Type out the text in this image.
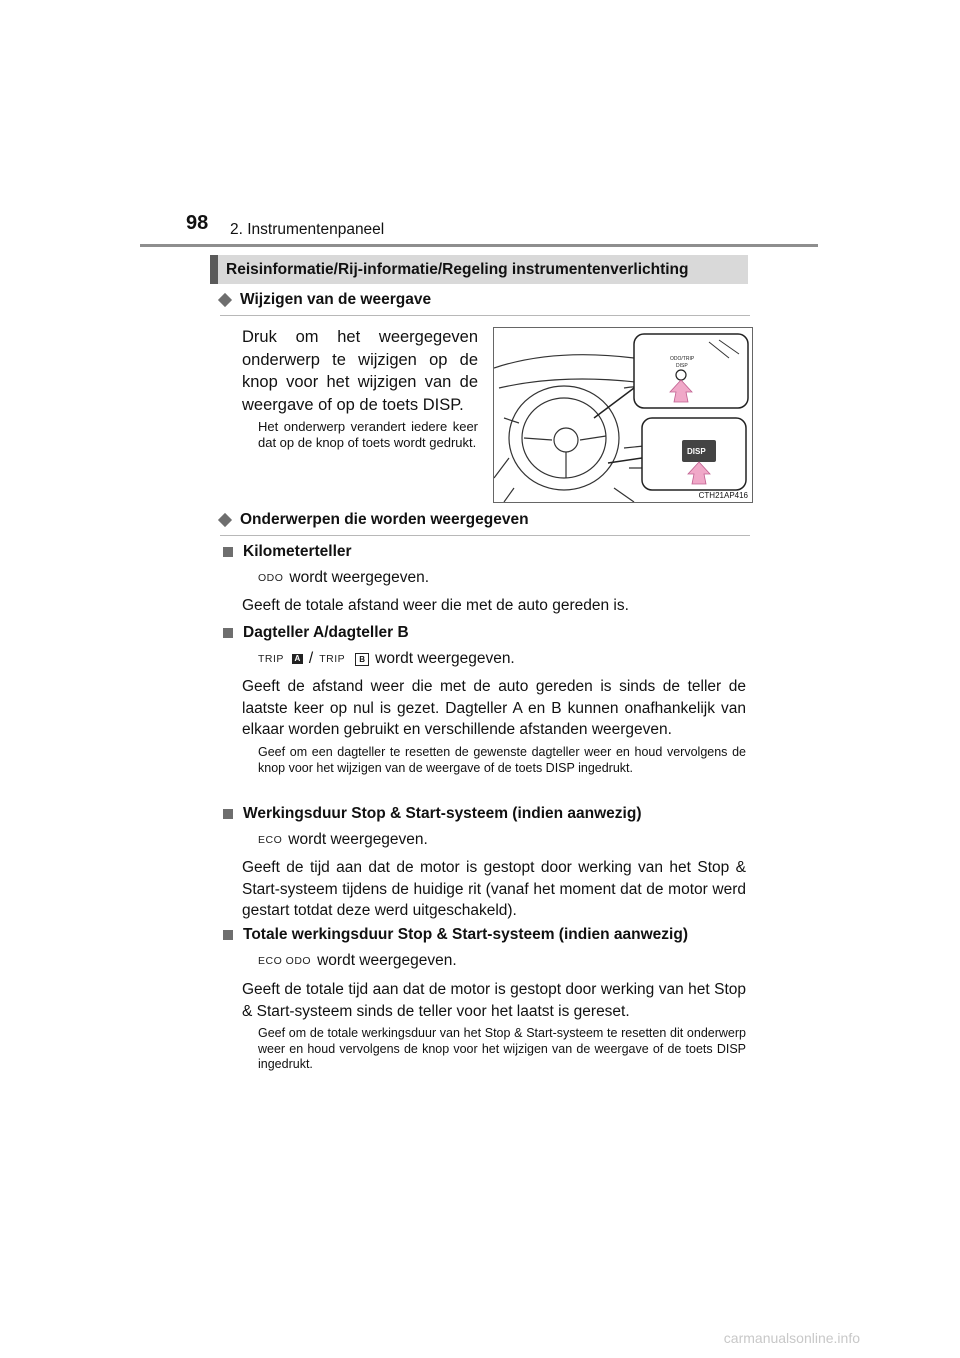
98 2. Instrumentenpaneel
Reisinformatie/Rij-informatie/Regeling instrumentenverlichting
Wijzigen van de weergave
Druk om het weergegeven onderwerp te wijzigen op de knop voor het wijzigen van de weergave of op de toets DISP.
Het onderwerp verandert iedere keer dat op de knop of toets wordt gedrukt.
ODO/TRIP
DISP
DISP
CTH21AP416
Onderwerpen die worden weergegeven
Kilometerteller
ODO wordt weergegeven.
Geeft de totale afstand weer die met de auto gereden is.
Dagteller A/dagteller B
TRIP	A / TRIP	B wordt weergegeven.
Geeft de afstand weer die met de auto gereden is sinds de teller de laatste keer op nul is gezet. Dagteller A en B kunnen onafhankelijk van elkaar worden gebruikt en verschillende afstanden weergeven.
Geef om een dagteller te resetten de gewenste dagteller weer en houd vervolgens de knop voor het wijzigen van de weergave of de toets DISP ingedrukt.
Werkingsduur Stop & Start-systeem (indien aanwezig)
ECO wordt weergegeven.
Geeft de tijd aan dat de motor is gestopt door werking van het Stop & Start-systeem tijdens de huidige rit (vanaf het moment dat de motor werd gestart totdat deze werd uitgeschakeld).
Totale werkingsduur Stop & Start-systeem (indien aanwezig)
ECO ODO wordt weergegeven.
Geeft de totale tijd aan dat de motor is gestopt door werking van het Stop & Start-systeem sinds de teller voor het laatst is gereset.
Geef om de totale werkingsduur van het Stop & Start-systeem te resetten dit onderwerp weer en houd vervolgens de knop voor het wijzigen van de weergave of de toets DISP ingedrukt.
carmanualsonline.info
